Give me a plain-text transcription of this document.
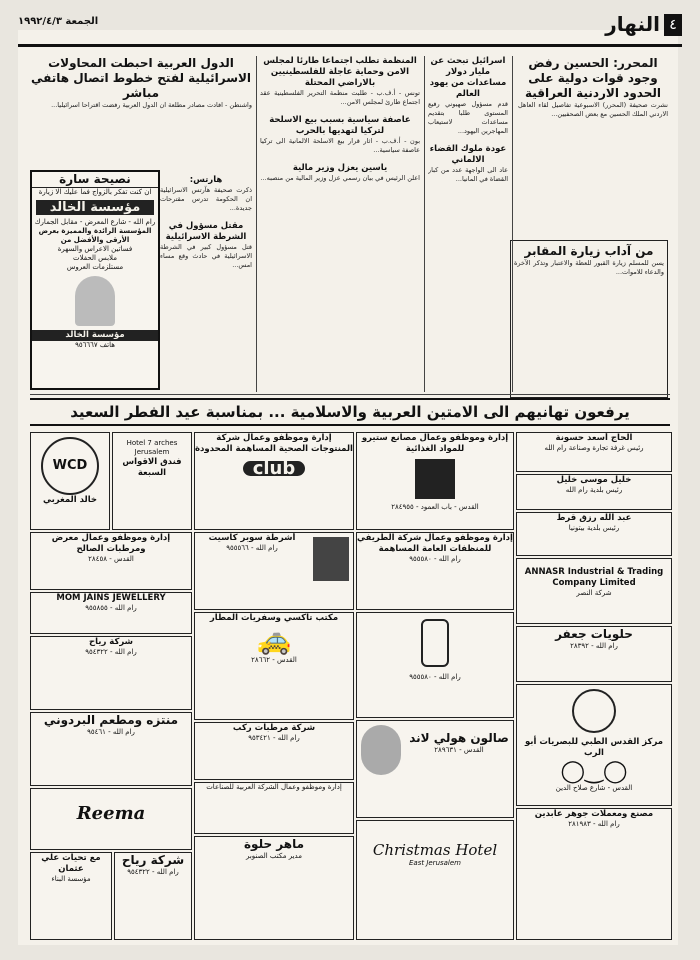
الجمعة ١٩٩٢/٤/٣	النهار ٤
المحرر: الحسين رفض وجود قوات دولية على الحدود الاردنية العراقية
نشرت صحيفة (المحرر) الاسبوعية تفاصيل لقاء العاهل الاردني الملك الحسين مع بعض الصحفيين...
من آداب زيارة المقابر
يسن للمسلم زيارة القبور للعظة والاعتبار وتذكر الآخرة والدعاء للاموات...
اسرائيل تبحث عن مليار دولار مساعدات من يهود العالم
قدم مسؤول صهيوني رفيع المستوى طلبا بتقديم مساعدات لاستيعاب المهاجرين اليهود...
عودة ملوك القضاء الالماني
عاد الى الواجهة عدد من كبار القضاة في المانيا...
المنظمة تطلب اجتماعا طارئا لمجلس الامن وحماية عاجلة للفلسطينيين بالاراضي المحتلة
تونس - أ.ف.ب - طلبت منظمة التحرير الفلسطينية عقد اجتماع طارئ لمجلس الامن...
عاصفة سياسية بسبب بيع الاسلحة لتركيا لتهديها بالحرب
بون - أ.ف.ب - اثار قرار بيع الاسلحة الالمانية الى تركيا عاصفة سياسية...
ياسين يعزل وزير مالية
اعلن الرئيس في بيان رسمي عزل وزير المالية من منصبه...
الدول العربية احبطت المحاولات الاسرائيلية لفتح خطوط اتصال هاتفي مباشر
واشنطن - افادت مصادر مطلعة ان الدول العربية رفضت اقتراحا اسرائيليا...
هآرتس:
ذكرت صحيفة هآرتس الاسرائيلية ان الحكومة تدرس مقترحات جديدة...
مقتل مسؤول في الشرطة الاسرائيلية
قتل مسؤول كبير في الشرطة الاسرائيلية في حادث وقع مساء امس...
نصيحة سارة
ان كنت تفكر بالزواج فما عليك الا زيارة
مؤسسة الخالد
رام الله - شارع المعرض - مقابل الجمارك
المؤسسة الرائدة والمميزة بعرض الأرقى والأفضل من
فساتين الاعراس والسهرة
ملابس الحفلات
مستلزمات العروس
مؤسسة الخالد
هاتف ٩٥٦٦٦٧
يرفعون تهانيهم الى الامتين العربية والاسلامية ... بمناسبة عيد الفطر السعيد
الحاج أسعد حسونة
رئيس غرفة تجارة وصناعة رام الله
خليل موسى خليل
رئيس بلدية رام الله
عبد الله رزق قرط
رئيس بلدية بيتونيا
ANNASR Industrial & Trading Company Limited
شركة النصر
حلويات جعفر
رام الله - ٢٨٣٩٢
مركز القدس الطبي للبصريات أبو الرب
◯‿◯
القدس - شارع صلاح الدين
مصنع ومعملات جوهر عابدين
رام الله - ٢٨١٩٨٣
إدارة وموظفو وعمال مصانع ستيرو للمواد الغذائية
القدس - باب العمود - ٢٨٤٩٥٥
إدارة وموظفو وعمال شركة الطريفي للمنظفات العامة المساهمة
رام الله - ٩٥٥٥٨٠
رام الله - ٩٥٥٥٨٠
صالون هولي لاند
القدس - ٢٨٩٦٣١
Christmas Hotel
East Jerusalem
إدارة وموظفو وعمال شركة المنتوجات الصحية المساهمة المحدودة
club
أشرطة سوبر كاسيت
رام الله - ٩٥٥٥٦٦
مكتب تاكسي وسفريات المطار
🚕
القدس - ٢٨٦٦٢
شركة مرطبات ركب
رام الله - ٩٥٣٤٢١
إدارة وموظفو وعمال الشركة العربية للصناعات
ماهر حلوة
مدير مكتب الصنوبر
Hotel 7 arches Jerusalem
فندق الاقواس السبعة
WCD
خالد المغربي
إدارة وموظفو وعمال معرض ومرطبات الصالح
القدس - ٢٨٤٥٨
MOM JAINS JEWELLERY
رام الله - ٩٥٥٨٥٥
شركة رياح
رام الله - ٩٥٤٣٢٢
منتزه ومطعم البردوني
رام الله - ٩٥٤٦١
Reema
مع تحيات علي عثمان
مؤسسة البناء
شركة رياح
رام الله - ٩٥٤٣٢٢
